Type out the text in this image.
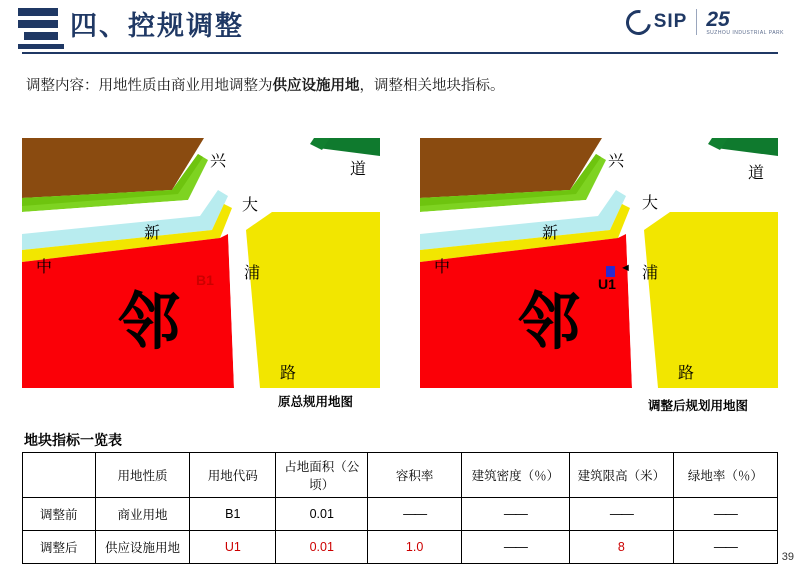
四、控规调整	SIP 25
SUZHOU INDUSTRIAL PARK
调整内容：用地性质由商业用地调整为供应设施用地，调整相关地块指标。
兴	道
大
新
浦
中
路
邻
B1
原总规用地图
兴
道
大
新
浦
中
路
邻
◄
U1
调整后规划用地图
地块指标一览表
	用地性质	用地代码	占地面积（公顷）	容积率	建筑密度（％）	建筑限高（米）	绿地率（％）
调整前	商业用地	B1	0.01	——	——	——	——
调整后	供应设施用地	U1	0.01	1.0	——	8	——
39
